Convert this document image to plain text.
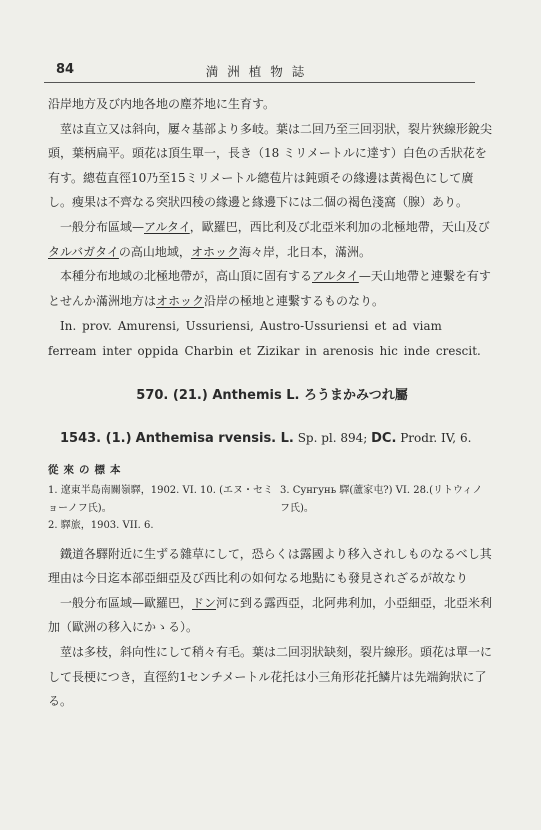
84	満洲植物誌

沿岸地方及び内地各地の塵芥地に生育す。

莖は直立又は斜向，屢々基部より多岐。葉は二回乃至三回羽狀，裂片狹線形銳尖頭，葉柄扁平。頭花は頂生單一，長き（18 ミリメートルに達す）白色の舌狀花を有す。總苞直徑10乃至15ミリメートル總苞片は鈍頭その緣邊は黃褐色にして廣し。瘦果は不齊なる突狀四稜の緣邊と緣邊下には二個の褐色淺窩（腺）あり。

一般分布區域—アルタイ，歐羅巴，西比利及び北亞米利加の北極地帶，天山及びタルバガタイの高山地域，オホック海々岸，北日本，滿洲。

本種分布地域の北極地帶が，高山頂に固有するアルタイ—天山地帶と連繫を有すとせんか滿洲地方はオホック沿岸の極地と連繫するものなり。

In. prov. Amurensi, Ussuriensi, Austro-Ussuriensi et ad viam ferream inter oppida Charbin et Zizikar in arenosis hic inde crescit.

570. (21.) Anthemis L. ろうまかみつれ屬

1543. (1.) Anthemisa rvensis. L. Sp. pl. 894; DC. Prodr. IV, 6.

從來の標本

1. 遼東半島南關嶺驛，1902. VI. 10. (エヌ・セミョーノフ氏)。
3. Cунгунь 驛(蘆家屯?) VI. 28.(リトウィノフ氏)。
2. 驛旅，1903. VII. 6.

鐵道各驛附近に生ずる雜草にして，恐らくは露國より移入されしものなるべし其理由は今日迄本部亞細亞及び西比利の如何なる地點にも發見されざるが故なり

一般分布區域—歐羅巴，ドン河に到る露西亞，北阿弗利加，小亞細亞，北亞米利加（歐洲の移入にかゝる）。

莖は多枝，斜向性にして稍々有毛。葉は二回羽狀缺刻，裂片線形。頭花は單一にして長梗につき，直徑約1センチメートル花托は小三角形花托鱗片は先端鉤狀に了る。
